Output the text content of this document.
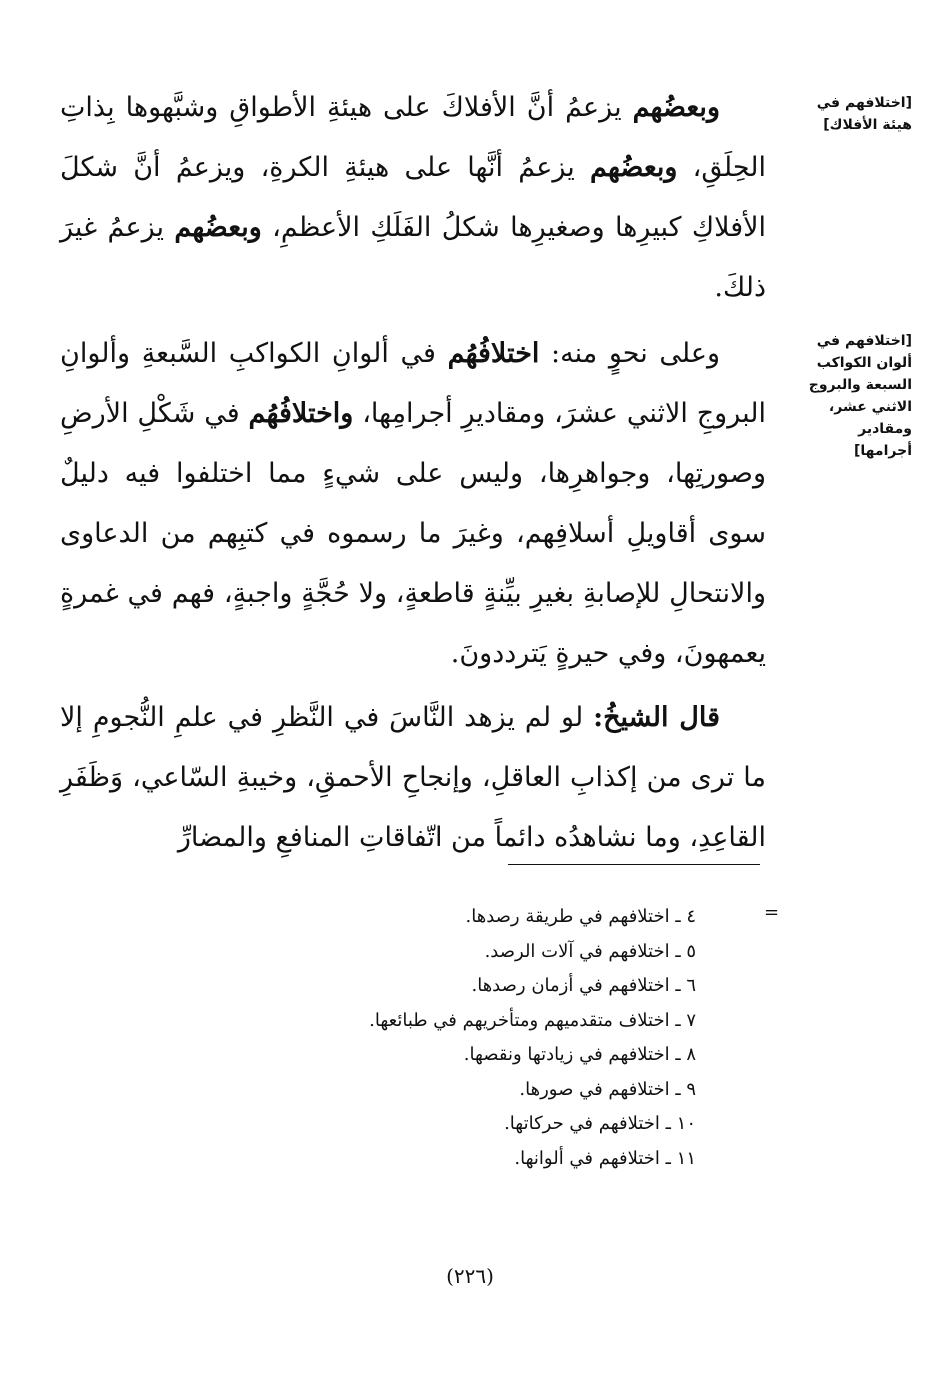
[اختلافهم في هيئة الأفلاك]
[اختلافهم في ألوان الكواكب السبعة والبروج الاثني عشر، ومقادير أجرامها]

وبعضُهم يزعمُ أنَّ الأفلاكَ على هيئةِ الأطواقِ وشبَّهوها بِذاتِ الحِلَقِ، وبعضُهم يزعمُ أنَّها على هيئةِ الكرةِ، ويزعمُ أنَّ شكلَ الأفلاكِ كبيرِها وصغيرِها شكلُ الفَلَكِ الأعظمِ، وبعضُهم يزعمُ غيرَ ذلكَ.

وعلى نحوٍ منه: اختلافُهُم في ألوانِ الكواكبِ السَّبعةِ وألوانِ البروجِ الاثني عشرَ، ومقاديرِ أجرامِها، واختلافُهُم في شَكْلِ الأرضِ وصورتِها، وجواهرِها، وليس على شيءٍ مما اختلفوا فيه دليلٌ سوى أقاويلِ أسلافِهم، وغيرَ ما رسموه في كتبِهم من الدعاوى والانتحالِ للإصابةِ بغيرِ بيِّنةٍ قاطعةٍ، ولا حُجَّةٍ واجبةٍ، فهم في غمرةٍ يعمهونَ، وفي حيرةٍ يَترددونَ.

قال الشيخُ: لو لم يزهد النَّاسَ في النَّظرِ في علمِ النُّجومِ إلا ما ترى من إكذابِ العاقلِ، وإنجاحِ الأحمقِ، وخيبةِ السّاعي، وَظَفَرِ القاعِدِ، وما نشاهدُه دائماً من اتّفاقاتِ المنافعِ والمضارِّ

=
٤ ـ اختلافهم في طريقة رصدها.
٥ ـ اختلافهم في آلات الرصد.
٦ ـ اختلافهم في أزمان رصدها.
٧ ـ اختلاف متقدميهم ومتأخريهم في طبائعها.
٨ ـ اختلافهم في زيادتها ونقصها.
٩ ـ اختلافهم في صورها.
١٠ ـ اختلافهم في حركاتها.
١١ ـ اختلافهم في ألوانها.
(٢٢٦)
